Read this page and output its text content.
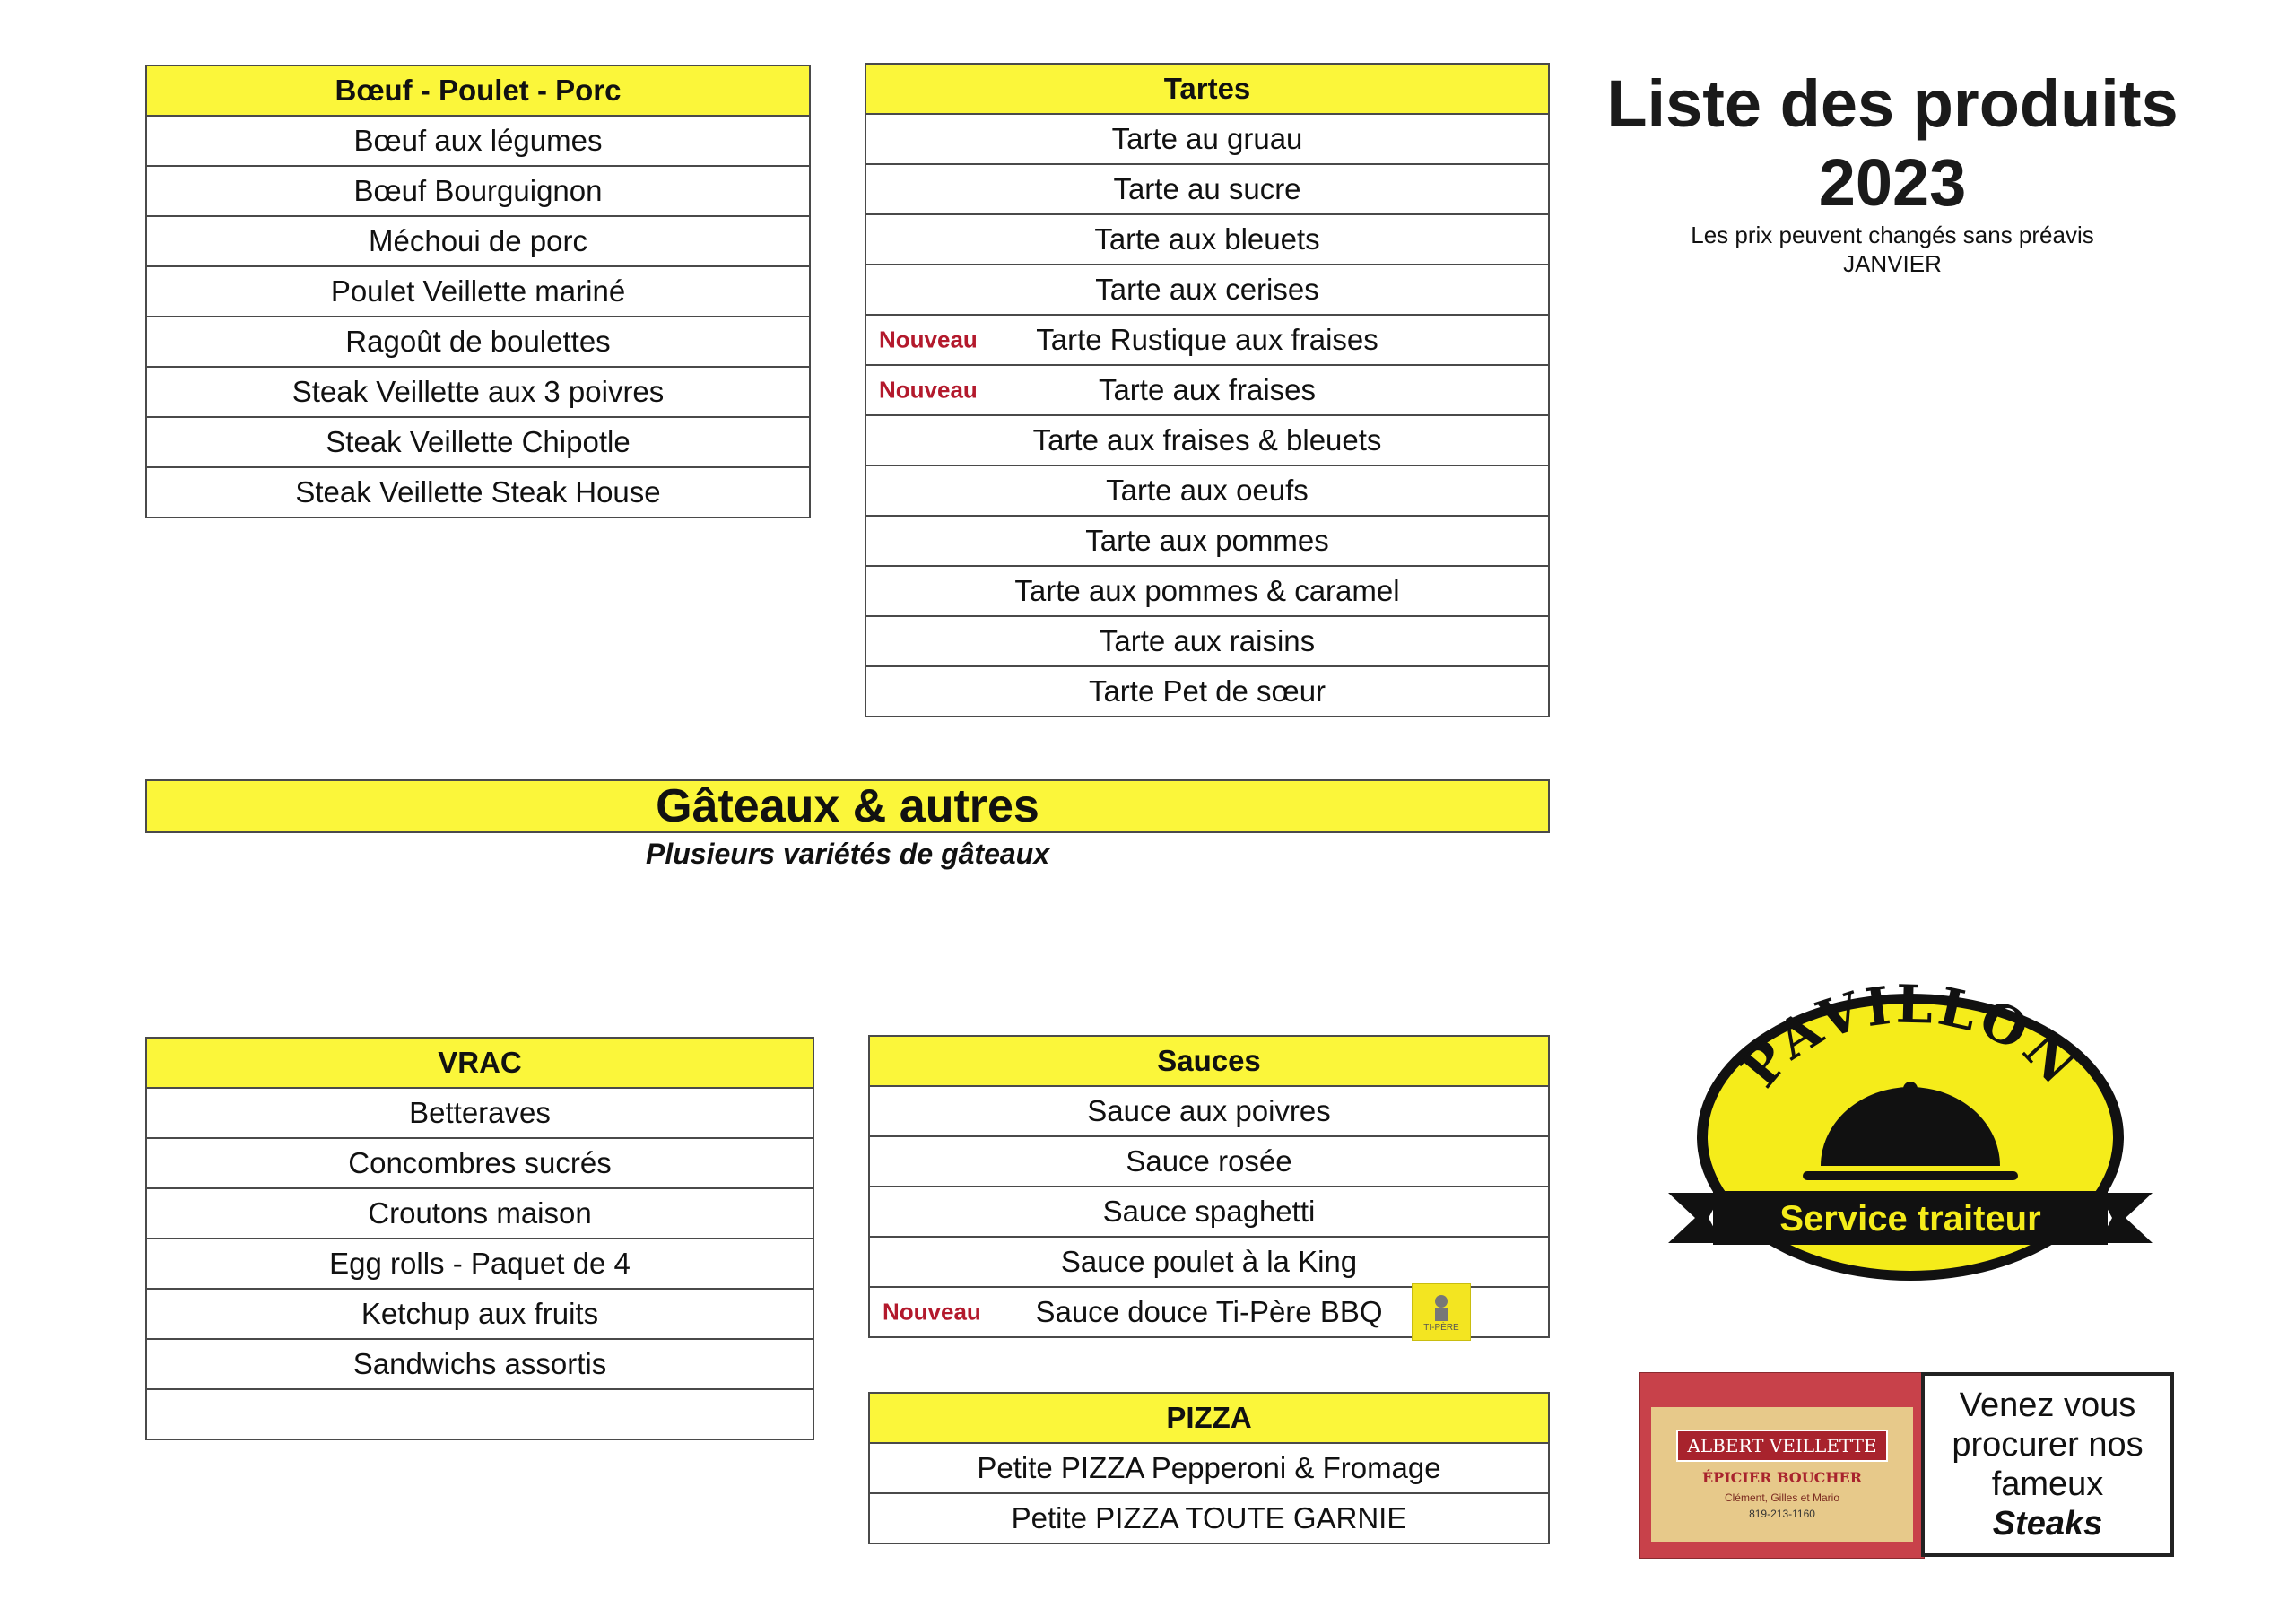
Bœuf - Poulet - Porc
Bœuf aux légumes
Bœuf Bourguignon
Méchoui de porc
Poulet Veillette mariné
Ragoût de boulettes
Steak Veillette aux 3 poivres
Steak Veillette Chipotle
Steak Veillette Steak House
Tartes
Tarte au gruau
Tarte au sucre
Tarte aux bleuets
Tarte aux cerises
Nouveau Tarte Rustique aux fraises
Nouveau	Tarte aux fraises
Tarte aux fraises & bleuets
Tarte aux oeufs
Tarte aux pommes
Tarte aux pommes & caramel
Tarte aux raisins
Tarte Pet de sœur
Liste des produits
2023
Les prix peuvent changés sans préavis
JANVIER
Gâteaux & autres
Plusieurs variétés de gâteaux
VRAC
Betteraves
Concombres sucrés
Croutons maison
Egg rolls - Paquet de 4
Ketchup aux fruits
Sandwichs assortis
Sauces
Sauce aux poivres
Sauce rosée
Sauce spaghetti
Sauce poulet à la King
Nouveau Sauce douce Ti-Père BBQ	TI-PÈRE
PIZZA
Petite PIZZA Pepperoni & Fromage
Petite PIZZA TOUTE GARNIE
PAVILLON
Service traiteur
ALBERT VEILLETTE
ÉPICIER BOUCHER
Clément, Gilles et Mario
819-213-1160
Venez vous
procurer nos
fameux
Steaks
